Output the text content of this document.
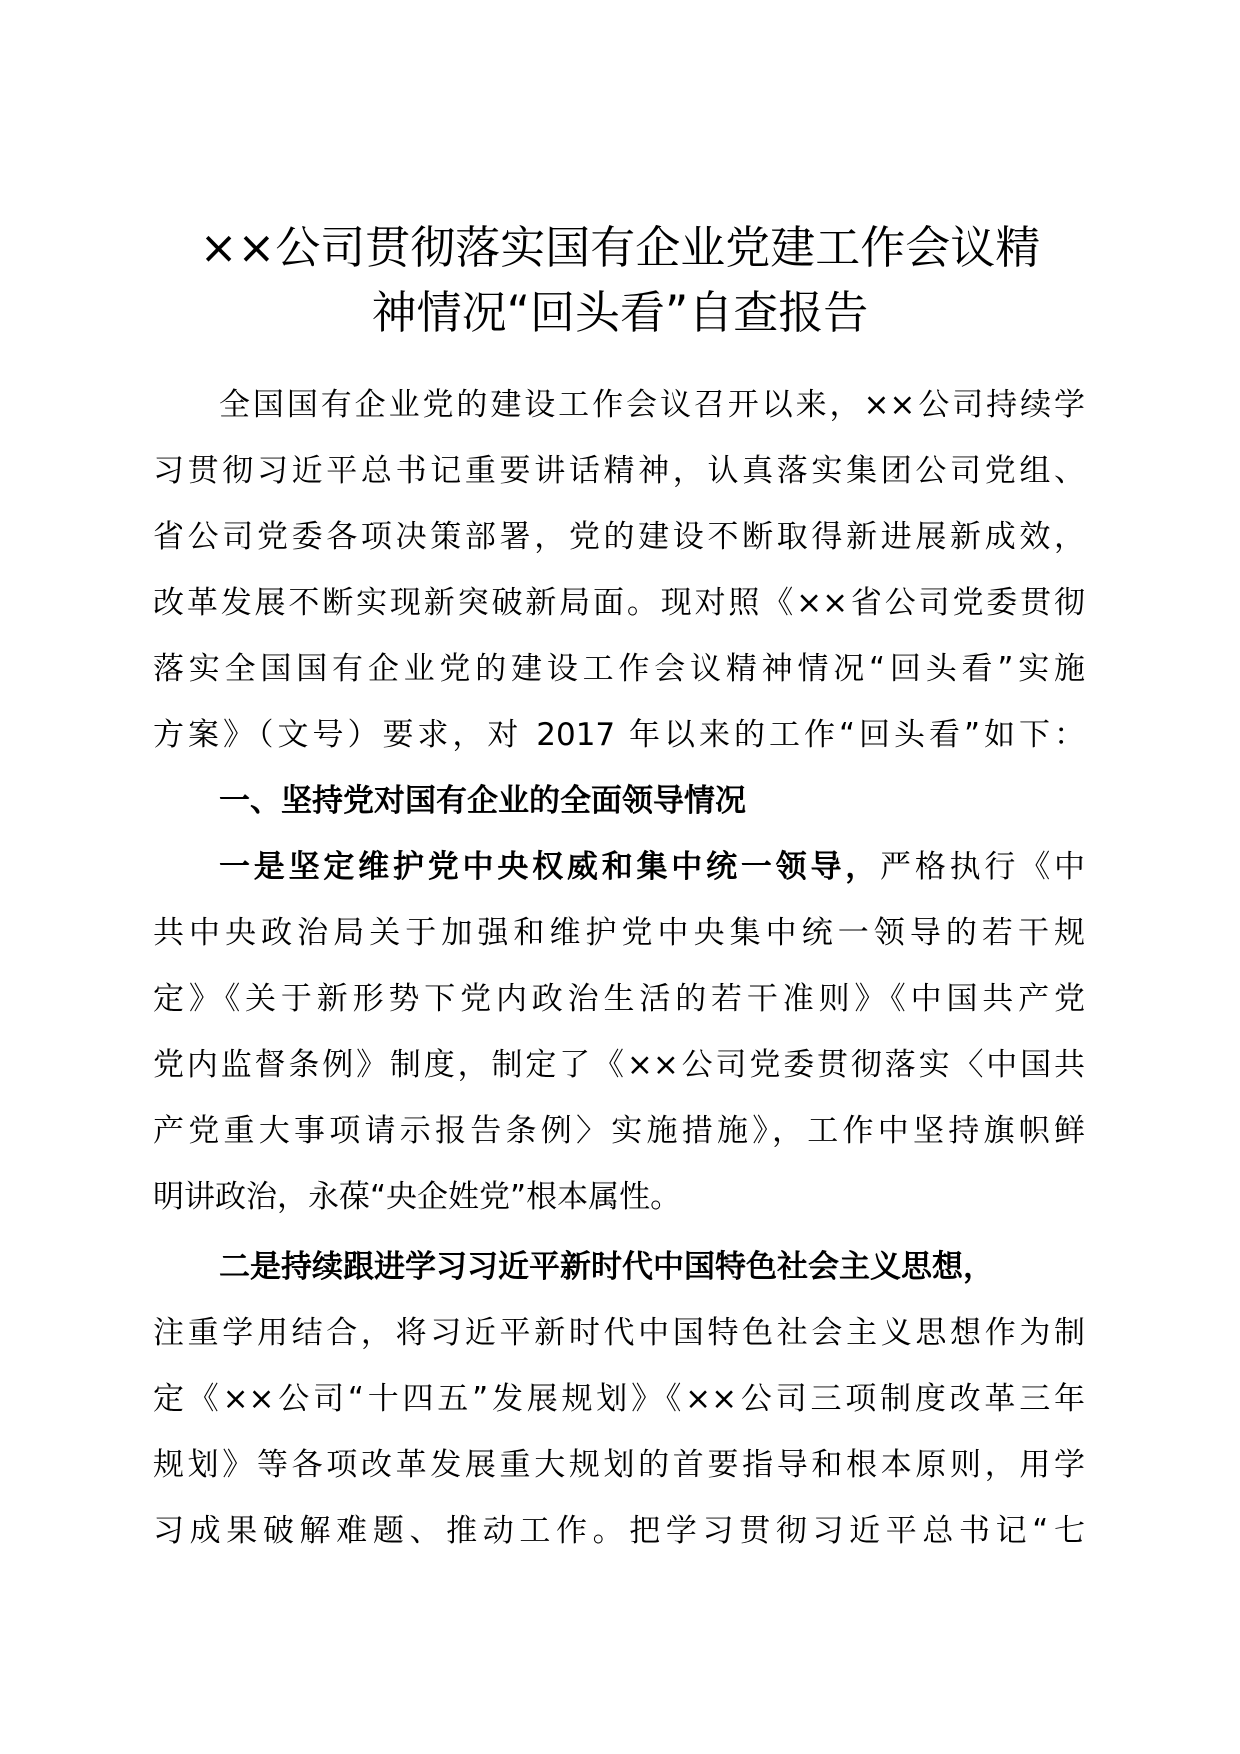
××公司贯彻落实国有企业党建工作会议精
神情况“回头看”自查报告
全国国有企业党的建设工作会议召开以来，××公司持续学
习贯彻习近平总书记重要讲话精神，认真落实集团公司党组、
省公司党委各项决策部署，党的建设不断取得新进展新成效，
改革发展不断实现新突破新局面。现对照《××省公司党委贯彻
落实全国国有企业党的建设工作会议精神情况“回头看”实施
方案》（文号）要求，对 2017 年以来的工作“回头看”如下：
一、坚持党对国有企业的全面领导情况
一是坚定维护党中央权威和集中统一领导，严格执行《中
共中央政治局关于加强和维护党中央集中统一领导的若干规
定》《关于新形势下党内政治生活的若干准则》《中国共产党
党内监督条例》制度，制定了《××公司党委贯彻落实〈中国共
产党重大事项请示报告条例〉实施措施》，工作中坚持旗帜鲜
明讲政治，永葆“央企姓党”根本属性。
二是持续跟进学习习近平新时代中国特色社会主义思想，
注重学用结合，将习近平新时代中国特色社会主义思想作为制
定《××公司“十四五”发展规划》《××公司三项制度改革三年
规划》等各项改革发展重大规划的首要指导和根本原则，用学
习成果破解难题、推动工作。把学习贯彻习近平总书记“七
